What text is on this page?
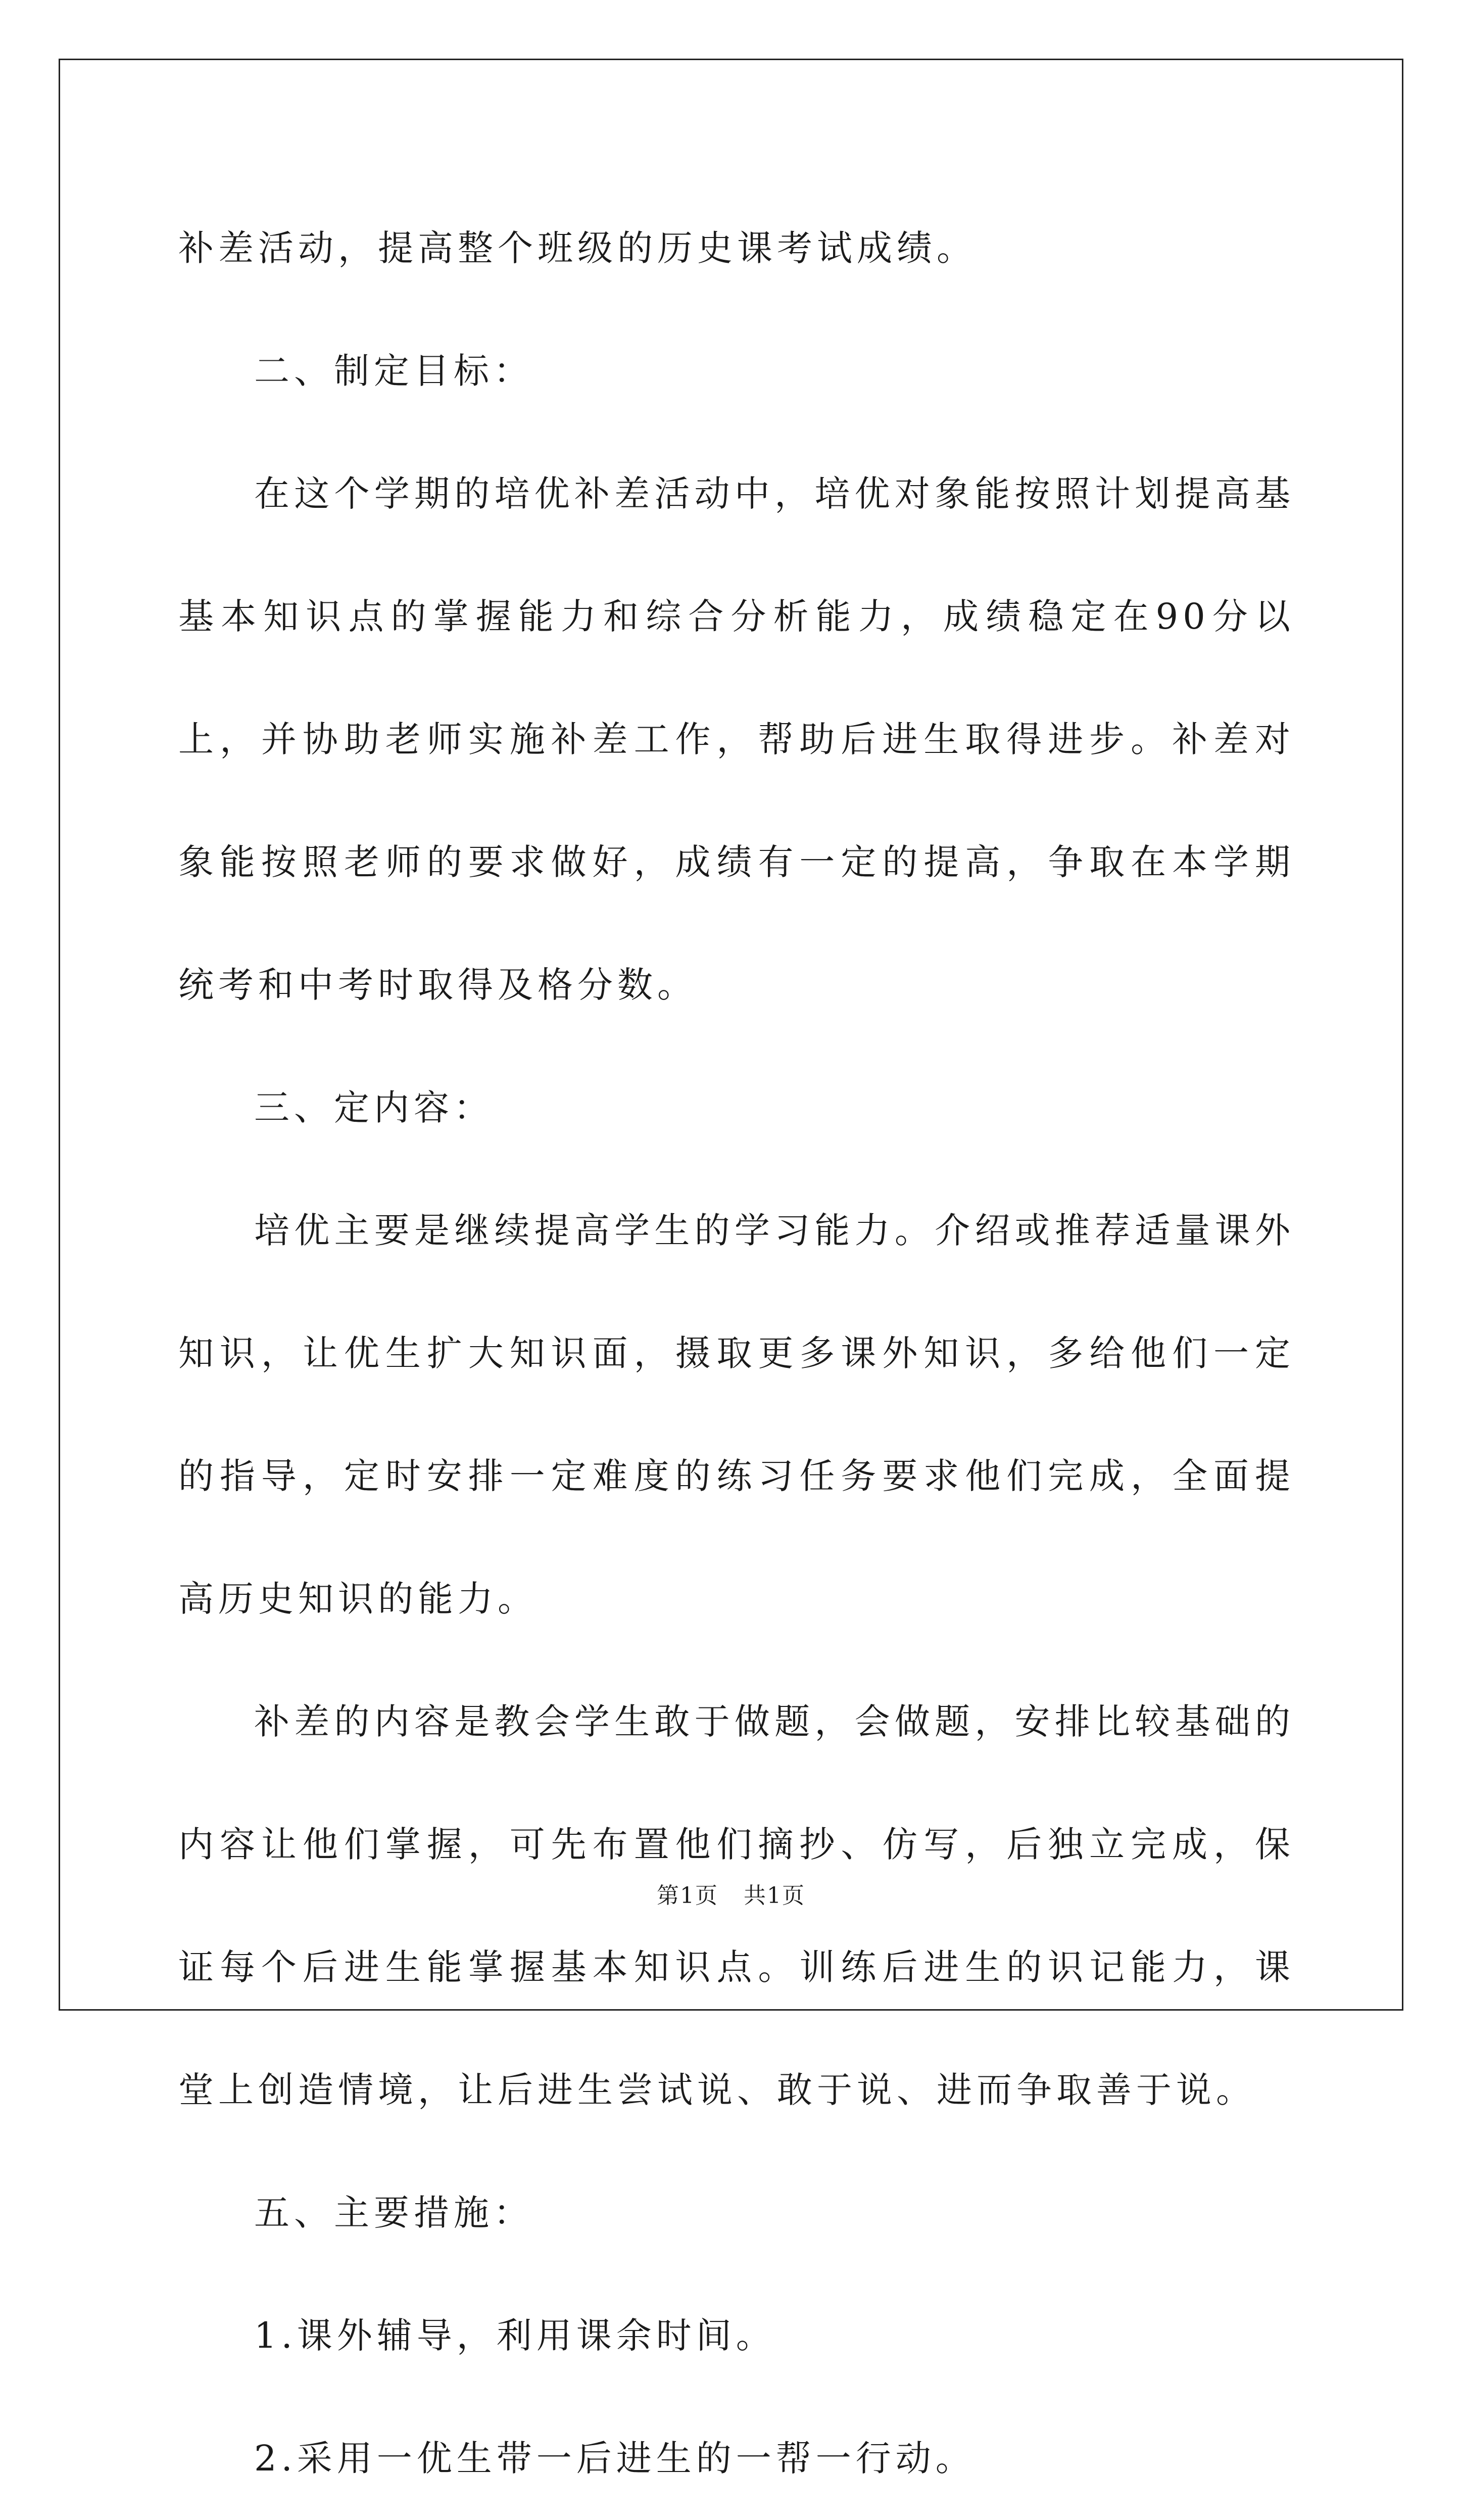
补差活动，提高整个班级的历史课考试成绩。

二、制定目标：

在这个学期的培优补差活动中，培优对象能按照计划提高基基本知识点的掌握能力和综合分析能力，成绩稳定在90分以上，并协助老师实施补差工作，帮助后进生取得进步。补差对象能按照老师的要求做好，成绩有一定的提高，争取在本学期统考和中考时取得及格分数。

三、定内容：

培优主要是继续提高学生的学习能力。介绍或推荐适量课外知识，让优生扩大知识面，摄取更多课外知识，多给他们一定的指导，定时安排一定难度的练习任务要求他们完成，全面提高历史知识的能力。

补差的内容是教会学生敢于做题，会做题，安排比较基础的内容让他们掌握，可先布置他们摘抄、仿写，后独立完成，保证每个后进生能掌握基本知识点。训练后进生的识记能力，课堂上创造情境，让后进生尝试说、敢于说、进而争取善于说。

五、主要措施：

1.课外辅导，利用课余时间。

2.采用一优生带一后进生的一帮一行动。

第1页 共1页
